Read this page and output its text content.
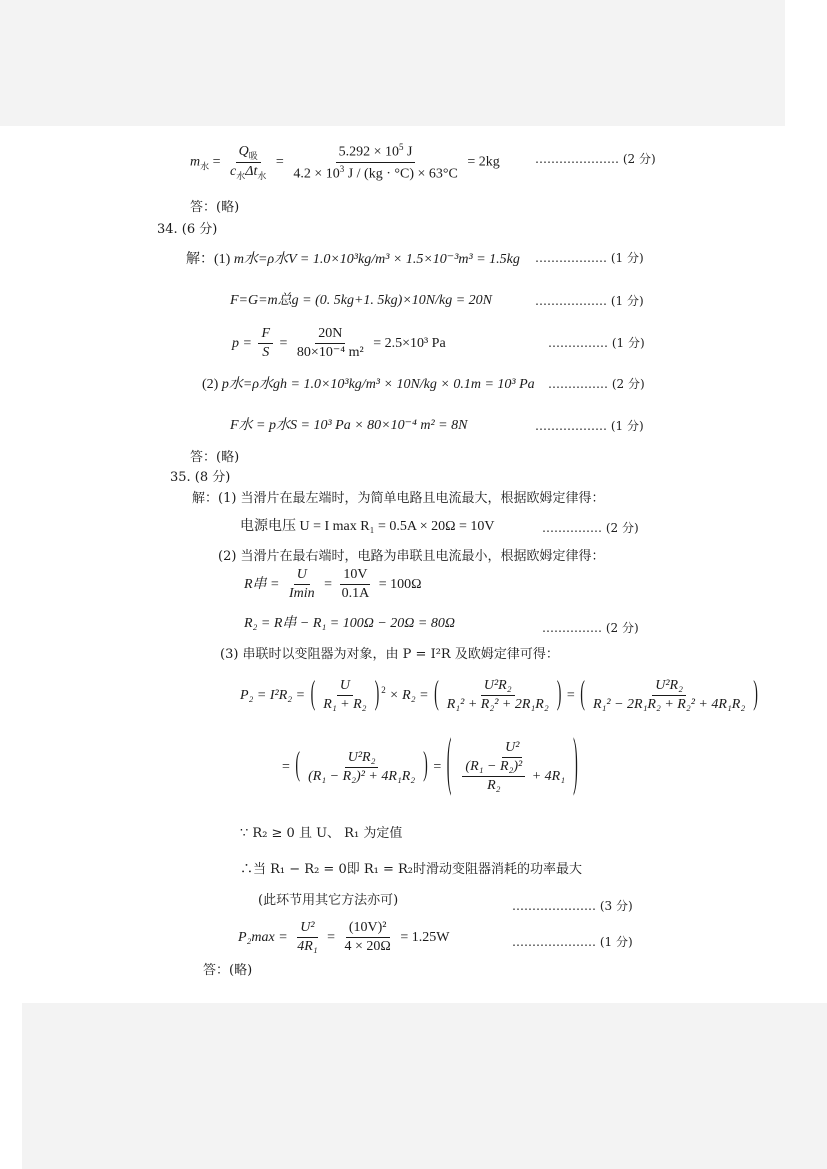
$m_水 = \frac{Q_吸}{c_水\Delta t_水} = \frac{5.292 \times 10^5 J}{4.2 \times 10^3 J / (kg \cdot ^\circ C) \times 63^\circ C} = 2kg$	………………… (2 分)
答：(略)
34. (6 分)
解：(1) m水=ρ水V = 1.0×10³kg/m³ × 1.5×10⁻³m³ = 1.5kg ……………… (1 分)
F=G=m总g = (0. 5kg+1. 5kg)×10N/kg = 20N	……………… (1 分)
$p = \frac{F}{S} = \frac{20N}{\text{80×10⁻⁴ m²}} = 2.5\times 10^3$ Pa	…………… (1 分)
(2) p水=ρ水gh = 1.0×10³kg/m³ × 10N/kg × 0.1m = 10³ Pa …………… (2 分)
F水 = p水S = 10³ Pa × 80×10⁻⁴ m² = 8N	……………… (1 分)
答：(略)
35. (8 分)
解：(1) 当滑片在最左端时，为简单电路且电流最大，根据欧姆定律得：
电源电压 U = I max R₁ = 0.5A × 20Ω = 10V	…………… (2 分)
(2) 当滑片在最右端时，电路为串联且电流最小，根据欧姆定律得：
R串 = $\frac{U}{Imin} = \frac{10V}{0.1A} = 100\Omega$
R₂ = R串 − R₁ = 100Ω − 20Ω = 80Ω	…………… (2 分)
(3) 串联时以变阻器为对象，由 P = I²R 及欧姆定律可得：
P₂ = I²R₂ = ( $\frac{U}{\text{R₁ + R₂}}$ ) $^2$ × R₂ = ( $\frac{\text{U²R₂}}{\text{R₁² + R₂² + 2R₁R₂}}$ ) = ( $\frac{\text{U²R₂}}{\text{R₁² − 2R₁R₂ + R₂² + 4R₁R₂}}$ )
= ( $\frac{\text{U²R₂}}{\text{(R₁ − R₂)² + 4R₁R₂}}$ ) = ( $\frac{\text{U²}}{\frac{\text{(R₁ − R₂)²}}{\text{R₂}} + 4R_1}$ )
∵ R₂ ≥ 0 且 U、 R₁ 为定值
∴当 R₁ − R₂ = 0即 R₁ = R₂时滑动变阻器消耗的功率最大
(此环节用其它方法亦可)	………………… (3 分)
$P_2\max = \frac{\text{U²}}{\text{4R₁}} = \frac{\text{(10V)²}}{4 \times 20\Omega} = 1.25W$	………………… (1 分)
答：(略)
